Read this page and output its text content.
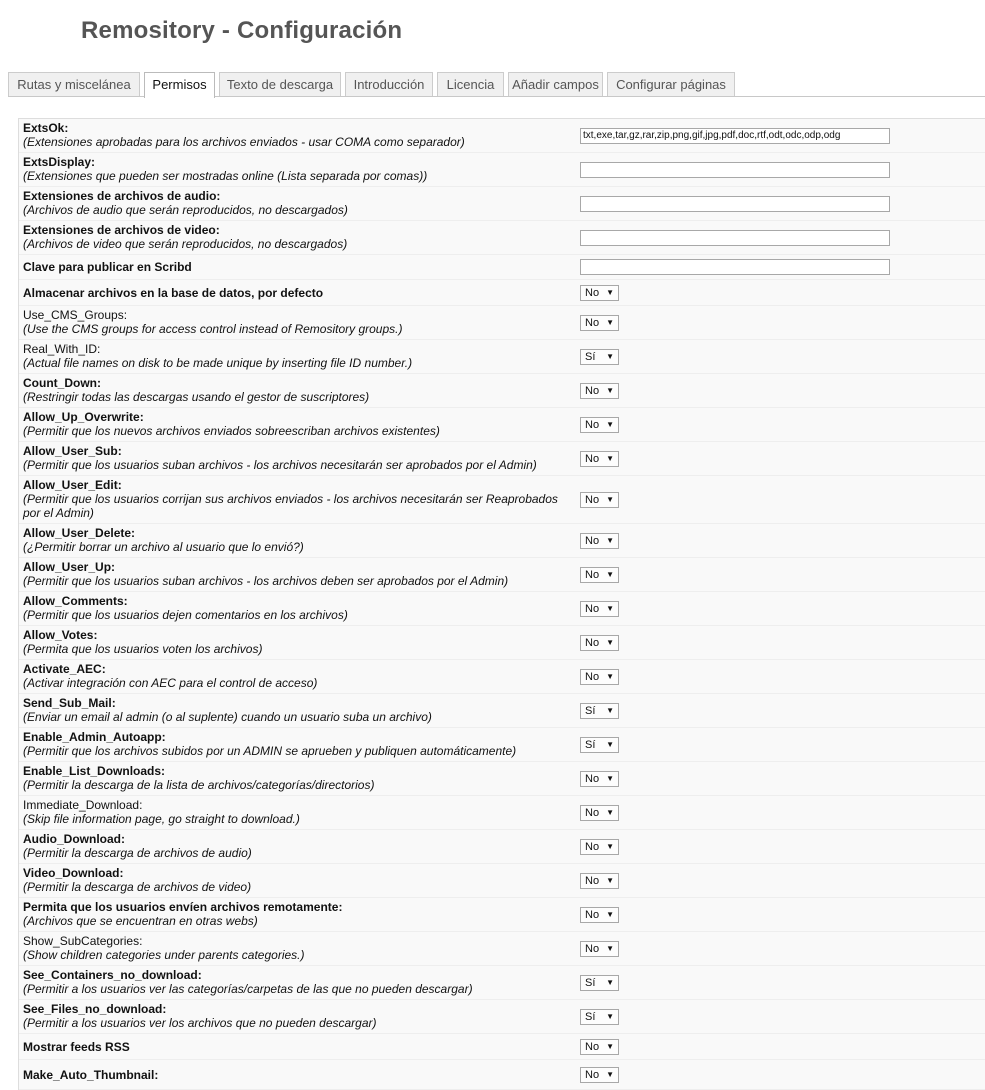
Remository - Configuración
Rutas y miscelánea	Permisos	Texto de descarga	Introducción	Licencia	Añadir campos	Configurar páginas
ExtsOk:
(Extensiones aprobadas para los archivos enviados - usar COMA como separador)
txt,exe,tar,gz,rar,zip,png,gif,jpg,pdf,doc,rtf,odt,odc,odp,odg
ExtsDisplay:
(Extensiones que pueden ser mostradas online (Lista separada por comas))
Extensiones de archivos de audio:
(Archivos de audio que serán reproducidos, no descargados)
Extensiones de archivos de video:
(Archivos de video que serán reproducidos, no descargados)
Clave para publicar en Scribd
Almacenar archivos en la base de datos, por defecto	No ▼
Use_CMS_Groups:
(Use the CMS groups for access control instead of Remository groups.)	No ▼
Real_With_ID:
(Actual file names on disk to be made unique by inserting file ID number.)	Sí ▼
Count_Down:
(Restringir todas las descargas usando el gestor de suscriptores)	No ▼
Allow_Up_Overwrite:
(Permitir que los nuevos archivos enviados sobreescriban archivos existentes)	No ▼
Allow_User_Sub:
(Permitir que los usuarios suban archivos - los archivos necesitarán ser aprobados por el Admin)	No ▼
Allow_User_Edit:
(Permitir que los usuarios corrijan sus archivos enviados - los archivos necesitarán ser Reaprobados por el Admin)
No ▼
Allow_User_Delete:
(¿Permitir borrar un archivo al usuario que lo envió?)	No ▼
Allow_User_Up:
(Permitir que los usuarios suban archivos - los archivos deben ser aprobados por el Admin)	No ▼
Allow_Comments:
(Permitir que los usuarios dejen comentarios en los archivos)	No ▼
Allow_Votes:
(Permita que los usuarios voten los archivos)	No ▼
Activate_AEC:
(Activar integración con AEC para el control de acceso)	No ▼
Send_Sub_Mail:
(Enviar un email al admin (o al suplente) cuando un usuario suba un archivo)	Sí ▼
Enable_Admin_Autoapp:
(Permitir que los archivos subidos por un ADMIN se aprueben y publiquen automáticamente)	Sí ▼
Enable_List_Downloads:
(Permitir la descarga de la lista de archivos/categorías/directorios)	No ▼
Immediate_Download:
(Skip file information page, go straight to download.)	No ▼
Audio_Download:
(Permitir la descarga de archivos de audio)	No ▼
Video_Download:
(Permitir la descarga de archivos de video)	No ▼
Permita que los usuarios envíen archivos remotamente:
(Archivos que se encuentran en otras webs)	No ▼
Show_SubCategories:
(Show children categories under parents categories.)	No ▼
See_Containers_no_download:
(Permitir a los usuarios ver las categorías/carpetas de las que no pueden descargar)	Sí ▼
See_Files_no_download:
(Permitir a los usuarios ver los archivos que no pueden descargar)	Sí ▼
Mostrar feeds RSS	No ▼
Make_Auto_Thumbnail:	No ▼
